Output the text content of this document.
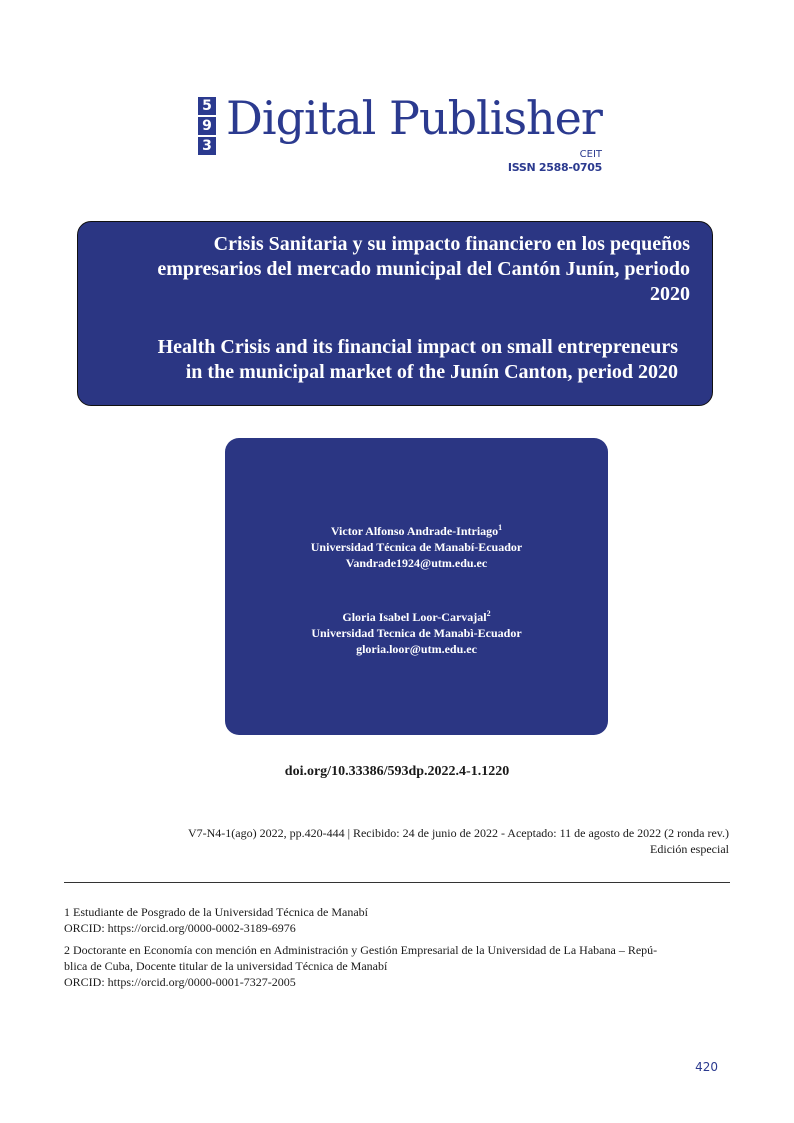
5
9
3
Digital Publisher
CEIT
ISSN 2588-0705
Crisis Sanitaria y su impacto financiero en los pequeños
empresarios del mercado municipal del Cantón Junín, periodo
2020
Health Crisis and its financial impact on small entrepreneurs
in the municipal market of the Junín Canton, period 2020
Victor Alfonso Andrade-Intriago$^1$
Universidad Técnica de Manabí-Ecuador
Vandrade1924@utm.edu.ec
Gloria Isabel Loor-Carvajal$^2$
Universidad Tecnica de Manabì-Ecuador
gloria.loor@utm.edu.ec
doi.org/10.33386/593dp.2022.4-1.1220
V7-N4-1(ago) 2022, pp.420-444 | Recibido: 24 de junio de 2022 - Aceptado: 11 de agosto de 2022 (2 ronda rev.)
Edición especial
1 Estudiante de Posgrado de la Universidad Técnica de Manabí
ORCID: https://orcid.org/0000-0002-3189-6976
2 Doctorante en Economía con mención en Administración y Gestión Empresarial de la Universidad de La Habana – Repú-
blica de Cuba, Docente titular de la universidad Técnica de Manabí
ORCID: https://orcid.org/0000-0001-7327-2005
420
